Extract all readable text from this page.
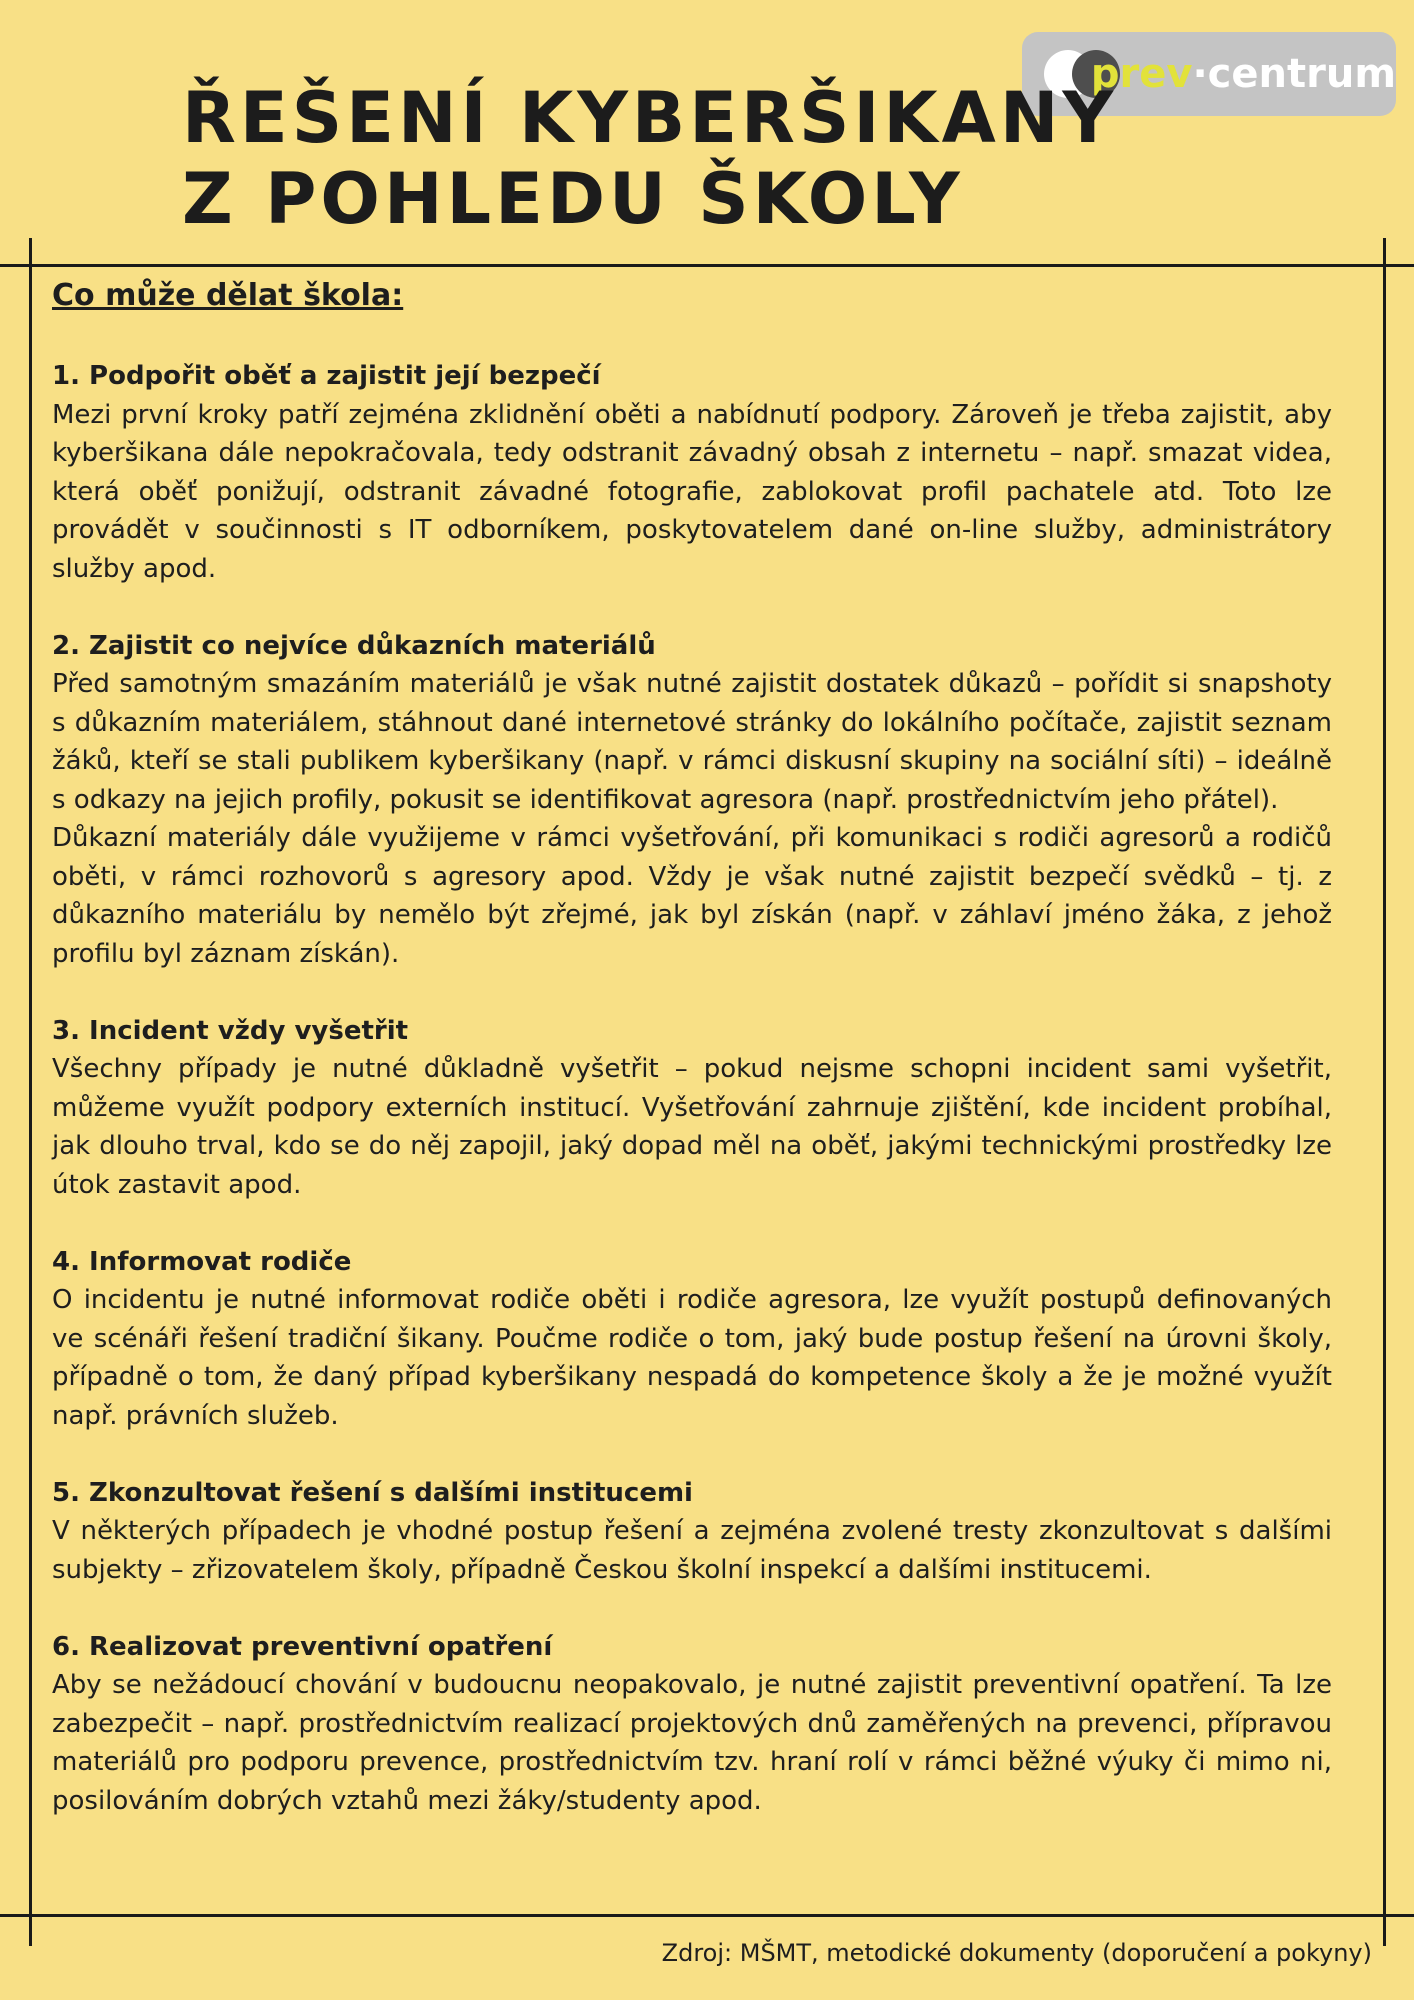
prev·centrum
ŘEŠENÍ KYBERŠIKANY
Z POHLEDU ŠKOLY
Co může dělat škola:
1. Podpořit oběť a zajistit její bezpečí

Mezi první kroky patří zejména zklidnění oběti a nabídnutí podpory. Zároveň je třeba zajistit, aby kyberšikana dále nepokračovala, tedy odstranit závadný obsah z internetu – např. smazat videa, která oběť ponižují, odstranit závadné fotografie, zablokovat profil pachatele atd. Toto lze provádět v součinnosti s IT odborníkem, poskytovatelem dané on-line služby, administrátory služby apod.

2. Zajistit co nejvíce důkazních materiálů

Před samotným smazáním materiálů je však nutné zajistit dostatek důkazů – pořídit si snapshoty s důkazním materiálem, stáhnout dané internetové stránky do lokálního počítače, zajistit seznam žáků, kteří se stali publikem kyberšikany (např. v rámci diskusní skupiny na sociální síti) – ideálně s odkazy na jejich profily, pokusit se identifikovat agresora (např. prostřednictvím jeho přátel).

Důkazní materiály dále využijeme v rámci vyšetřování, při komunikaci s rodiči agresorů a rodičů oběti, v rámci rozhovorů s agresory apod. Vždy je však nutné zajistit bezpečí svědků – tj. z důkazního materiálu by nemělo být zřejmé, jak byl získán (např. v záhlaví jméno žáka, z jehož profilu byl záznam získán).

3. Incident vždy vyšetřit

Všechny případy je nutné důkladně vyšetřit – pokud nejsme schopni incident sami vyšetřit, můžeme využít podpory externích institucí. Vyšetřování zahrnuje zjištění, kde incident probíhal, jak dlouho trval, kdo se do něj zapojil, jaký dopad měl na oběť, jakými technickými prostředky lze útok zastavit apod.

4. Informovat rodiče

O incidentu je nutné informovat rodiče oběti i rodiče agresora, lze využít postupů definovaných ve scénáři řešení tradiční šikany. Poučme rodiče o tom, jaký bude postup řešení na úrovni školy, případně o tom, že daný případ kyberšikany nespadá do kompetence školy a že je možné využít např. právních služeb.

5. Zkonzultovat řešení s dalšími institucemi

V některých případech je vhodné postup řešení a zejména zvolené tresty zkonzultovat s dalšími subjekty – zřizovatelem školy, případně Českou školní inspekcí a dalšími institucemi.

6. Realizovat preventivní opatření

Aby se nežádoucí chování v budoucnu neopakovalo, je nutné zajistit preventivní opatření. Ta lze zabezpečit – např. prostřednictvím realizací projektových dnů zaměřených na prevenci, přípravou materiálů pro podporu prevence, prostřednictvím tzv. hraní rolí v rámci běžné výuky či mimo ni, posilováním dobrých vztahů mezi žáky/studenty apod.

Zdroj: MŠMT, metodické dokumenty (doporučení a pokyny)
